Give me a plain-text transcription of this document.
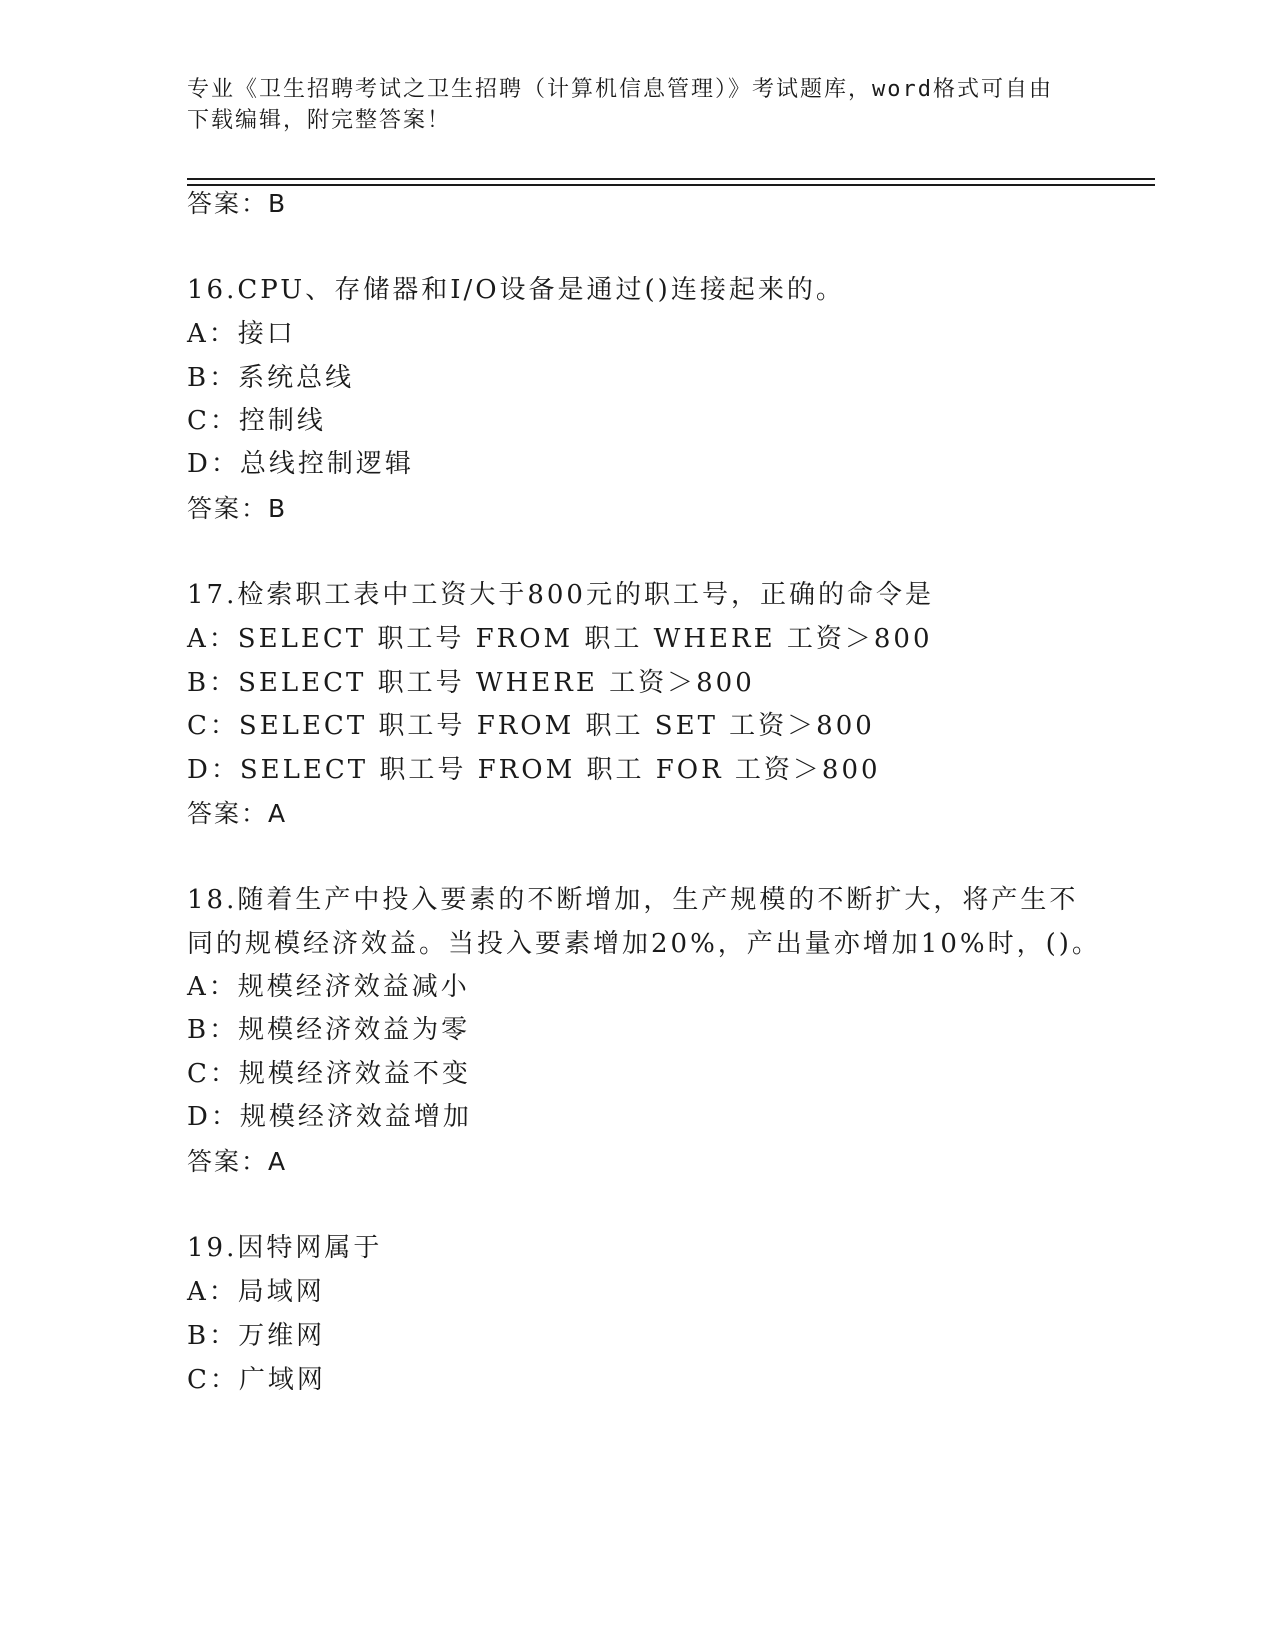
专业《卫生招聘考试之卫生招聘（计算机信息管理）》考试题库，word格式可自由下载编辑，附完整答案！
答案：B
16.CPU、存储器和I/O设备是通过()连接起来的。
A：接口
B：系统总线
C：控制线
D：总线控制逻辑
答案：B
17.检索职工表中工资大于800元的职工号，正确的命令是
A：SELECT 职工号 FROM 职工 WHERE 工资＞800
B：SELECT 职工号 WHERE 工资＞800
C：SELECT 职工号 FROM 职工 SET 工资＞800
D：SELECT 职工号 FROM 职工 FOR 工资＞800
答案：A
18.随着生产中投入要素的不断增加，生产规模的不断扩大，将产生不
同的规模经济效益。当投入要素增加20%，产出量亦增加10%时，()。
A：规模经济效益减小
B：规模经济效益为零
C：规模经济效益不变
D：规模经济效益增加
答案：A
19.因特网属于
A：局域网
B：万维网
C：广域网
